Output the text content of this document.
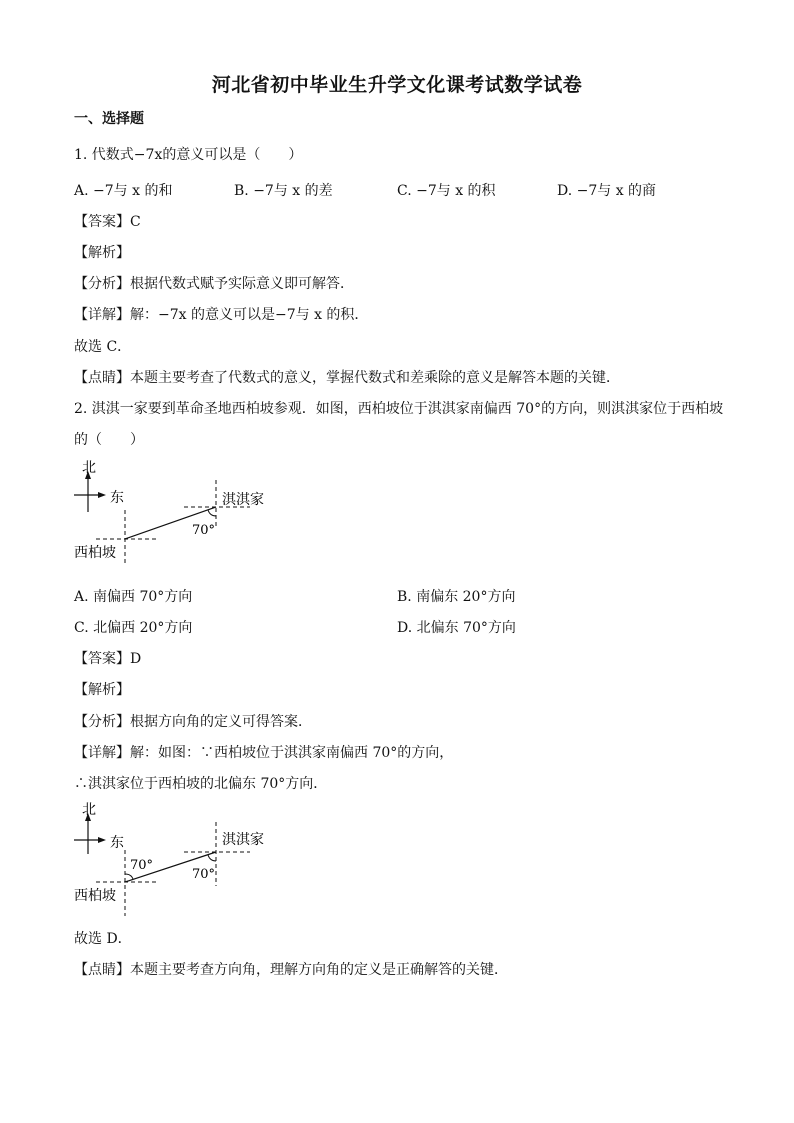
河北省初中毕业生升学文化课考试数学试卷
一、选择题
1. 代数式−7x的意义可以是（　　）
A. −7与 x 的和	B. −7与 x 的差	C. −7与 x 的积	D. −7与 x 的商
【答案】C
【解析】
【分析】根据代数式赋予实际意义即可解答．
【详解】解：−7x 的意义可以是−7与 x 的积．
故选 C．
【点睛】本题主要考查了代数式的意义，掌握代数式和差乘除的意义是解答本题的关键．
2. 淇淇一家要到革命圣地西柏坡参观．如图，西柏坡位于淇淇家南偏西 70°的方向，则淇淇家位于西柏坡
的（　　）
北
东	淇淇家
西柏坡
70°
A. 南偏西 70°方向	B. 南偏东 20°方向
C. 北偏西 20°方向	D. 北偏东 70°方向
【答案】D
【解析】
【分析】根据方向角的定义可得答案．
【详解】解：如图：∵西柏坡位于淇淇家南偏西 70°的方向，
∴淇淇家位于西柏坡的北偏东 70°方向．
北
东	淇淇家
西柏坡
70°
70°
故选 D．
【点睛】本题主要考查方向角，理解方向角的定义是正确解答的关键．
